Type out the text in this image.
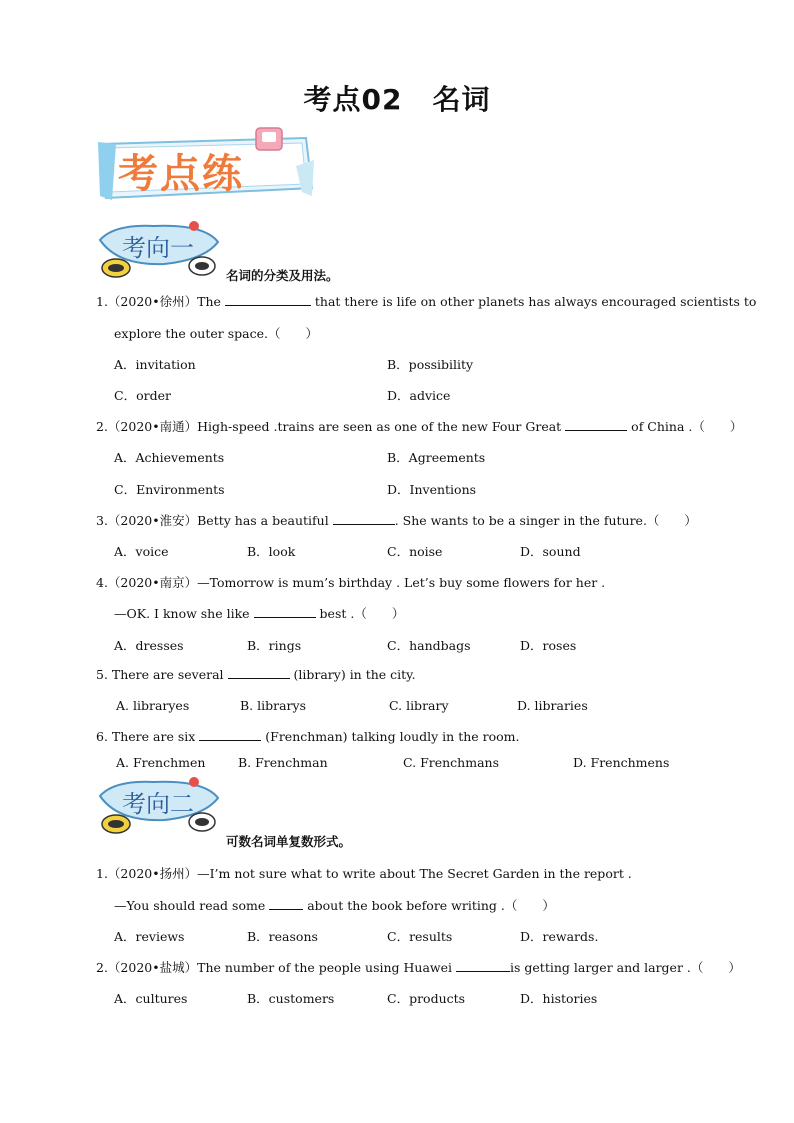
考点02 名词
考点练
考向一
名词的分类及用法。
1.（2020•徐州）The	that there is life on other planets has always encouraged scientists to
explore the outer space.（　　）
A．invitation	B．possibility
C．order	D．advice
2.（2020•南通）High-speed .trains are seen as one of the new Four Great	of China .（　　）
A．Achievements	B．Agreements
C．Environments	D．Inventions
3.（2020•淮安）Betty has a beautiful	. She wants to be a singer in the future.（　　）
A．voice	B．look	C．noise	D．sound
4.（2020•南京）—Tomorrow is mum’s birthday . Let’s buy some flowers for her .
—OK. I know she like	best .（　　）
A．dresses	B．rings	C．handbags	D．roses
5. There are several	(library) in the city.
A. libraryes	B. librarys	C. library	D. libraries
6. There are six	(Frenchman) talking loudly in the room.
A. Frenchmen	B. Frenchman	C. Frenchmans	D. Frenchmens
考向二
可数名词单复数形式。
1.（2020•扬州）—I’m not sure what to write about The Secret Garden in the report .
—You should read some	about the book before writing .（　　）
A．reviews	B．reasons	C．results	D．rewards.
2.（2020•盐城）The number of the people using Huawei	is getting larger and larger .（　　）
A．cultures	B．customers	C．products	D．histories
